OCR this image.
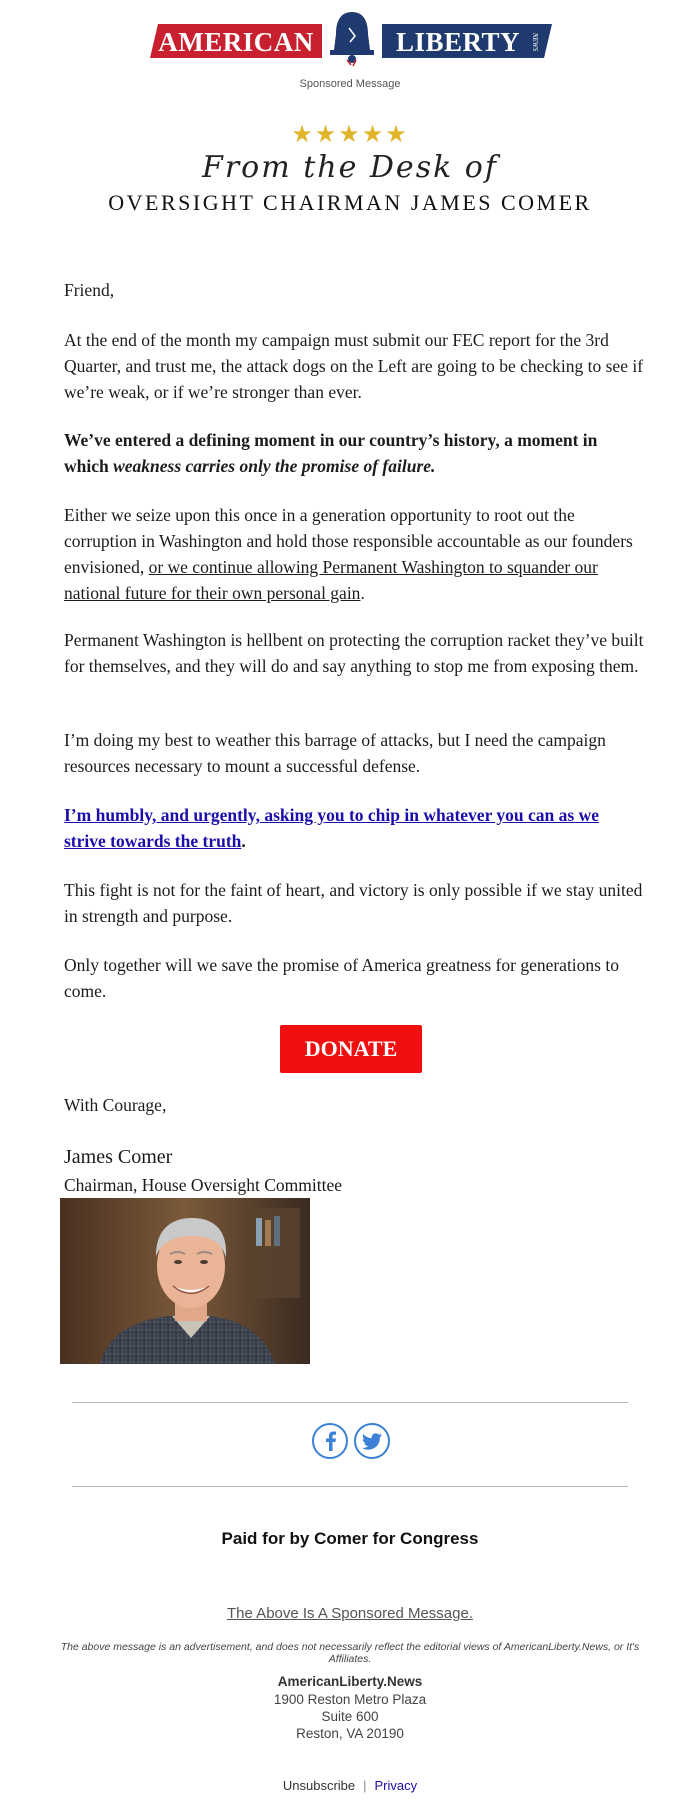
AMERICAN	LIBERTY NEWS
Sponsored Message
★★★★★
From the Desk of
OVERSIGHT CHAIRMAN JAMES COMER
Friend,
At the end of the month my campaign must submit our FEC report for the 3rd Quarter, and trust me, the attack dogs on the Left are going to be checking to see if we’re weak, or if we’re stronger than ever.
We’ve entered a defining moment in our country’s history, a moment in which weakness carries only the promise of failure.
Either we seize upon this once in a generation opportunity to root out the corruption in Washington and hold those responsible accountable as our founders envisioned, or we continue allowing Permanent Washington to squander our national future for their own personal gain.
Permanent Washington is hellbent on protecting the corruption racket they’ve built for themselves, and they will do and say anything to stop me from exposing them.
I’m doing my best to weather this barrage of attacks, but I need the campaign resources necessary to mount a successful defense.
I’m humbly, and urgently, asking you to chip in whatever you can as we strive towards the truth.
This fight is not for the faint of heart, and victory is only possible if we stay united in strength and purpose.
Only together will we save the promise of America greatness for generations to come.
DONATE
With Courage,
James Comer
Chairman, House Oversight Committee
Paid for by Comer for Congress
The Above Is A Sponsored Message.
The above message is an advertisement, and does not necessarily reflect the editorial views of AmericanLiberty.News, or It's Affiliates.
AmericanLiberty.News
1900 Reston Metro Plaza
Suite 600
Reston, VA 20190
Unsubscribe | Privacy
